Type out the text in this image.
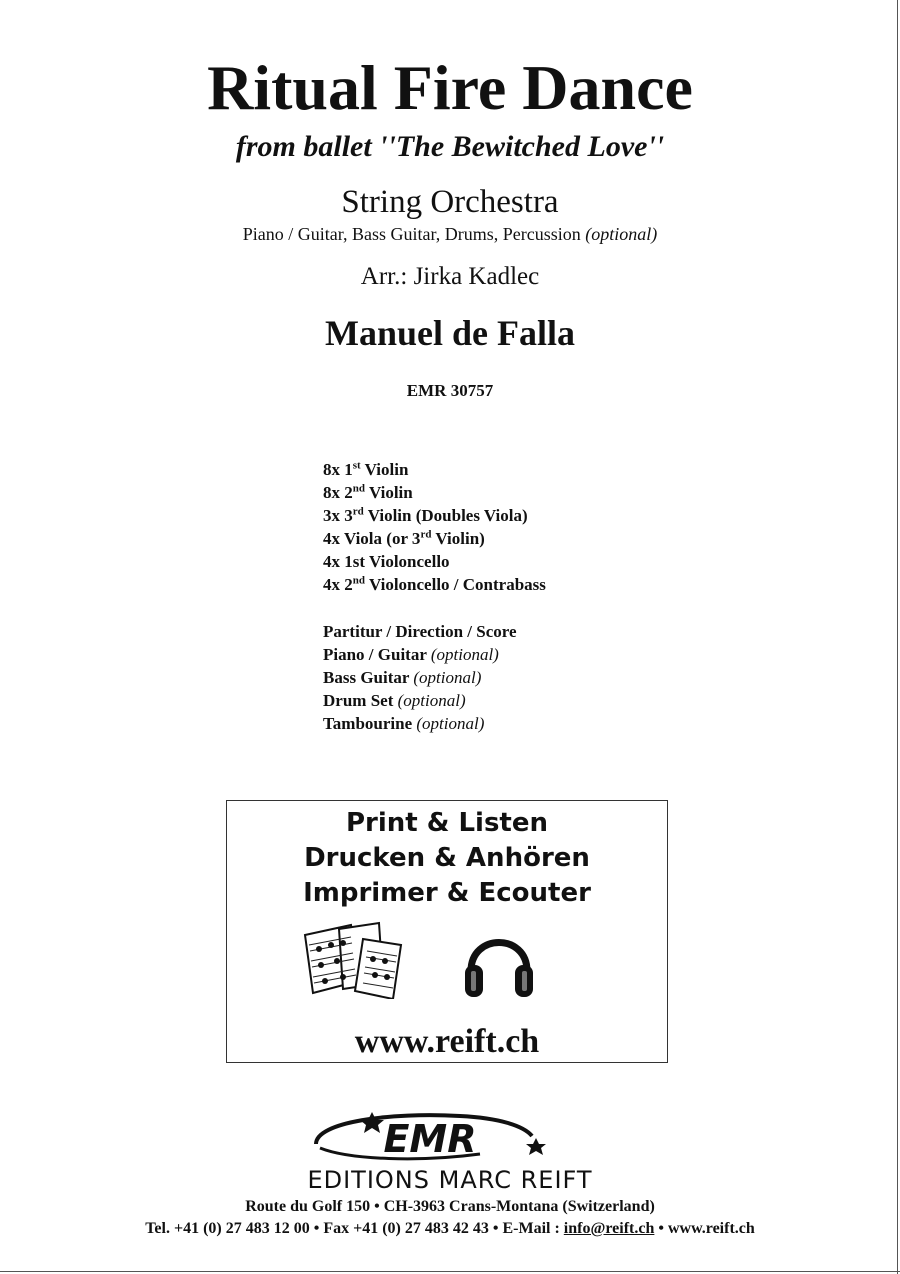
Ritual Fire Dance
from ballet ''The Bewitched Love''
String Orchestra
Piano / Guitar, Bass Guitar, Drums, Percussion (optional)
Arr.: Jirka Kadlec
Manuel de Falla
EMR 30757
8x 1st Violin
8x 2nd Violin
3x 3rd Violin (Doubles Viola)
4x Viola (or 3rd Violin)
4x 1st Violoncello
4x 2nd Violoncello / Contrabass
Partitur / Direction / Score
Piano / Guitar (optional)
Bass Guitar (optional)
Drum Set (optional)
Tambourine (optional)
Print & Listen
Drucken & Anhören
Imprimer & Ecouter
www.reift.ch
EMR
EDITIONS MARC REIFT
Route du Golf 150 • CH-3963 Crans-Montana (Switzerland)
Tel. +41 (0) 27 483 12 00 • Fax +41 (0) 27 483 42 43 • E-Mail : info@reift.ch • www.reift.ch
